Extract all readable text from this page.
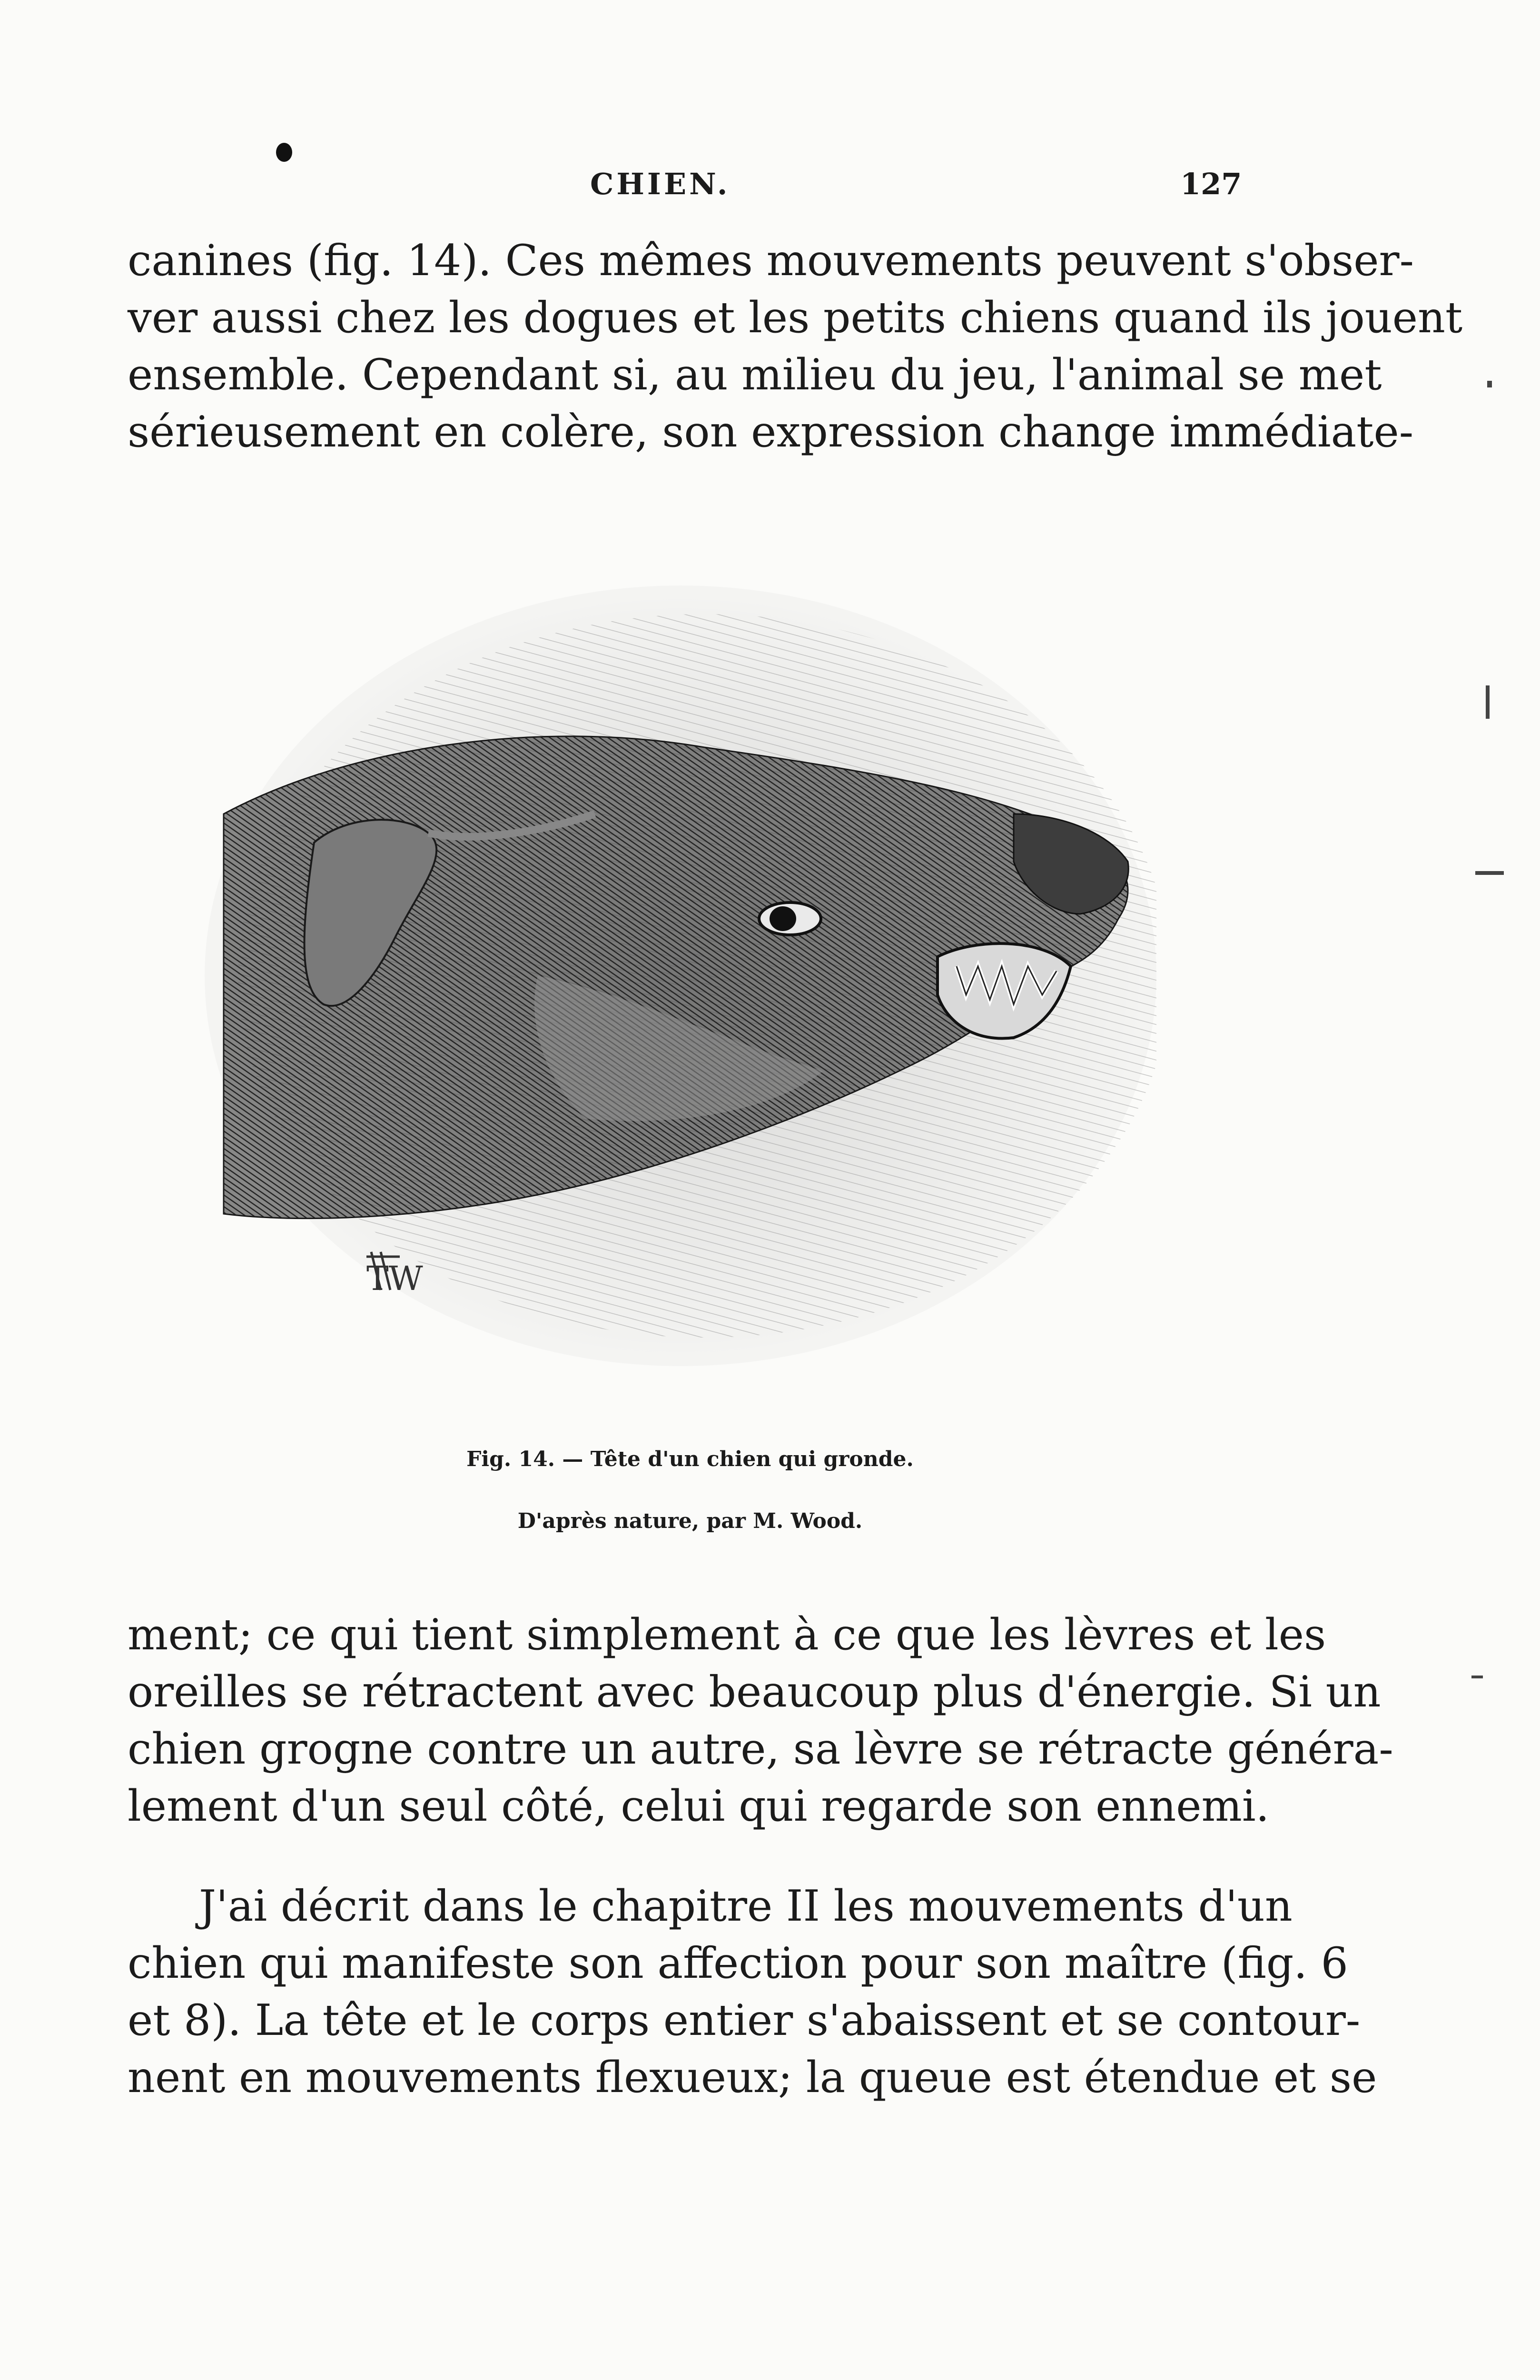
CHIEN.	127
canines (fig. 14). Ces mêmes mouvements peuvent s'obser-
ver aussi chez les dogues et les petits chiens quand ils jouent
ensemble. Cependant si, au milieu du jeu, l'animal se met
sérieusement en colère, son expression change immédiate-
TW
Fig. 14. — Tête d'un chien qui gronde.
D'après nature, par M. Wood.
ment; ce qui tient simplement à ce que les lèvres et les
oreilles se rétractent avec beaucoup plus d'énergie. Si un
chien grogne contre un autre, sa lèvre se rétracte généra-
lement d'un seul côté, celui qui regarde son ennemi.
J'ai décrit dans le chapitre II les mouvements d'un
chien qui manifeste son affection pour son maître (fig. 6
et 8). La tête et le corps entier s'abaissent et se contour-
nent en mouvements flexueux; la queue est étendue et se
